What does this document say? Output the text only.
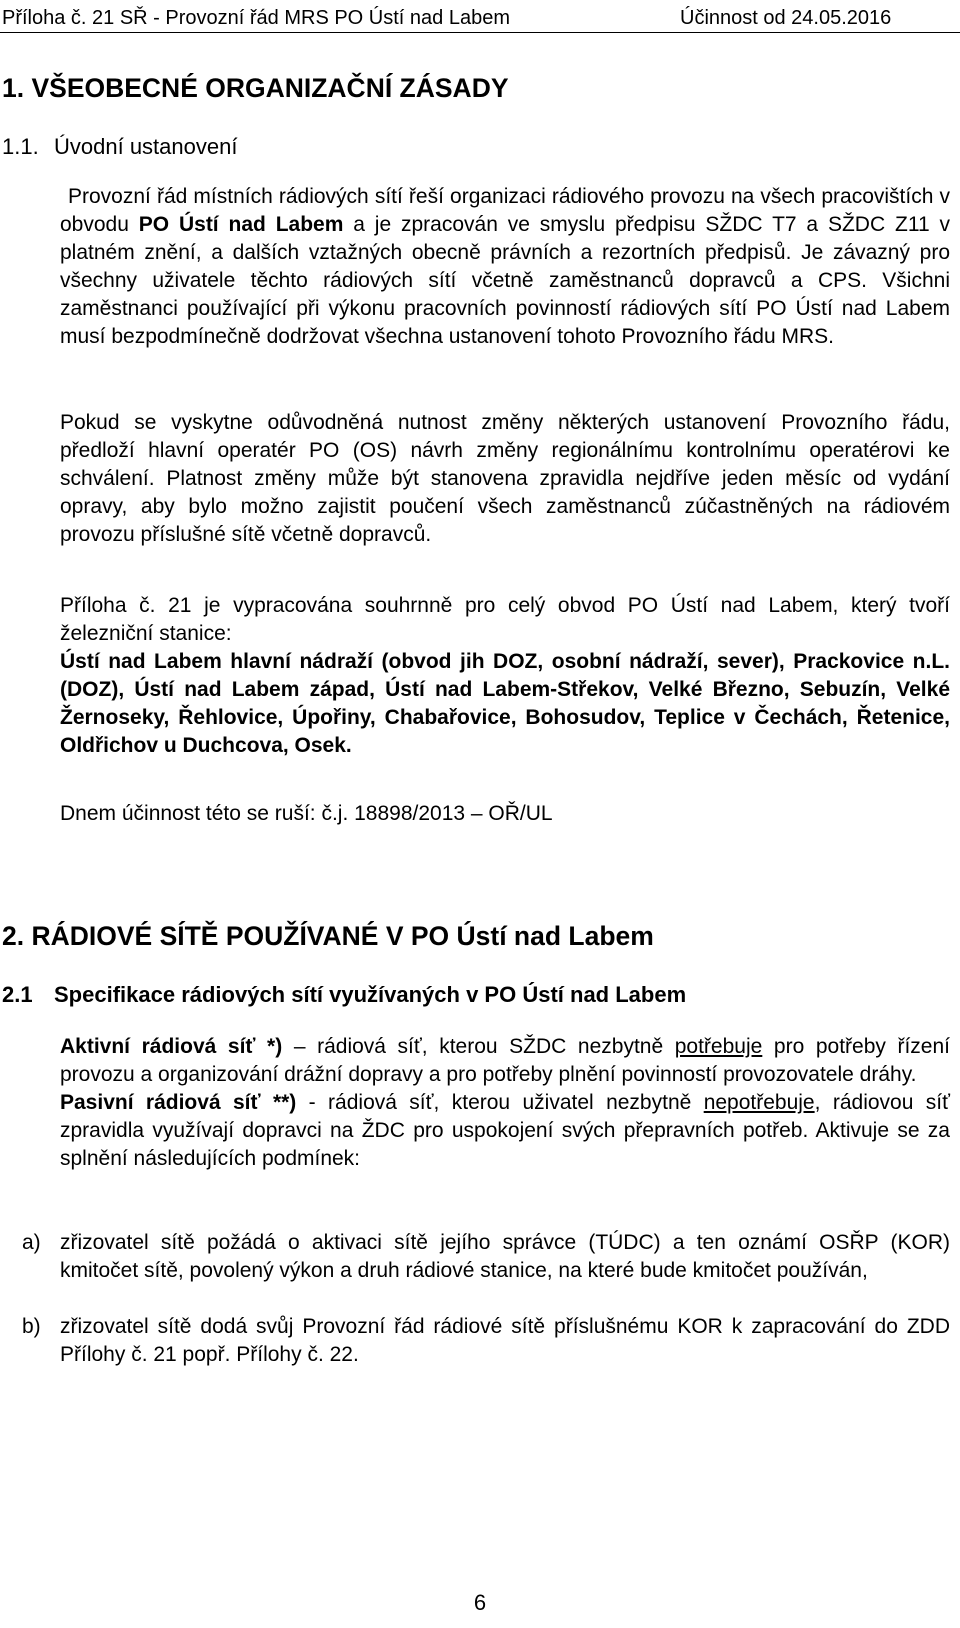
Příloha č. 21 SŘ - Provozní řád MRS PO Ústí nad Labem	Účinnost od 24.05.2016
1. VŠEOBECNÉ ORGANIZAČNÍ ZÁSADY
1.1. Úvodní ustanovení

Provozní řád místních rádiových sítí řeší organizaci rádiového provozu na všech pracovištích v obvodu PO Ústí nad Labem a je zpracován ve smyslu předpisu SŽDC T7 a SŽDC Z11 v platném znění, a dalších vztažných obecně právních a rezortních předpisů. Je závazný pro všechny uživatele těchto rádiových sítí včetně zaměstnanců dopravců a CPS. Všichni zaměstnanci používající při výkonu pracovních povinností rádiových sítí PO Ústí nad Labem musí bezpodmínečně dodržovat všechna ustanovení tohoto Provozního řádu MRS.

Pokud se vyskytne odůvodněná nutnost změny některých ustanovení Provozního řádu, předloží hlavní operatér PO (OS) návrh změny regionálnímu kontrolnímu operatérovi ke schválení. Platnost změny může být stanovena zpravidla nejdříve jeden měsíc od vydání opravy, aby bylo možno zajistit poučení všech zaměstnanců zúčastněných na rádiovém provozu příslušné sítě včetně dopravců.

Příloha č. 21 je vypracována souhrnně pro celý obvod PO Ústí nad Labem, který tvoří železniční stanice:

Ústí nad Labem hlavní nádraží (obvod jih DOZ, osobní nádraží, sever), Prackovice n.L. (DOZ), Ústí nad Labem západ, Ústí nad Labem-Střekov, Velké Březno, Sebuzín, Velké Žernoseky, Řehlovice, Úpořiny, Chabařovice, Bohosudov, Teplice v Čechách, Řetenice, Oldřichov u Duchcova, Osek.

Dnem účinnost této se ruší: č.j. 18898/2013 – OŘ/UL

2. RÁDIOVÉ SÍTĚ POUŽÍVANÉ V PO Ústí nad Labem
2.1 Specifikace rádiových sítí využívaných v PO Ústí nad Labem

Aktivní rádiová síť *) – rádiová síť, kterou SŽDC nezbytně potřebuje pro potřeby řízení provozu a organizování drážní dopravy a pro potřeby plnění povinností provozovatele dráhy.

Pasivní rádiová síť **) - rádiová síť, kterou uživatel nezbytně nepotřebuje, rádiovou síť zpravidla využívají dopravci na ŽDC pro uspokojení svých přepravních potřeb. Aktivuje se za splnění následujících podmínek:

a) zřizovatel sítě požádá o aktivaci sítě jejího správce (TÚDC) a ten oznámí OSŘP (KOR) kmitočet sítě, povolený výkon a druh rádiové stanice, na které bude kmitočet používán,
b) zřizovatel sítě dodá svůj Provozní řád rádiové sítě příslušnému KOR k zapracování do ZDD Přílohy č. 21 popř. Přílohy č. 22.
6
